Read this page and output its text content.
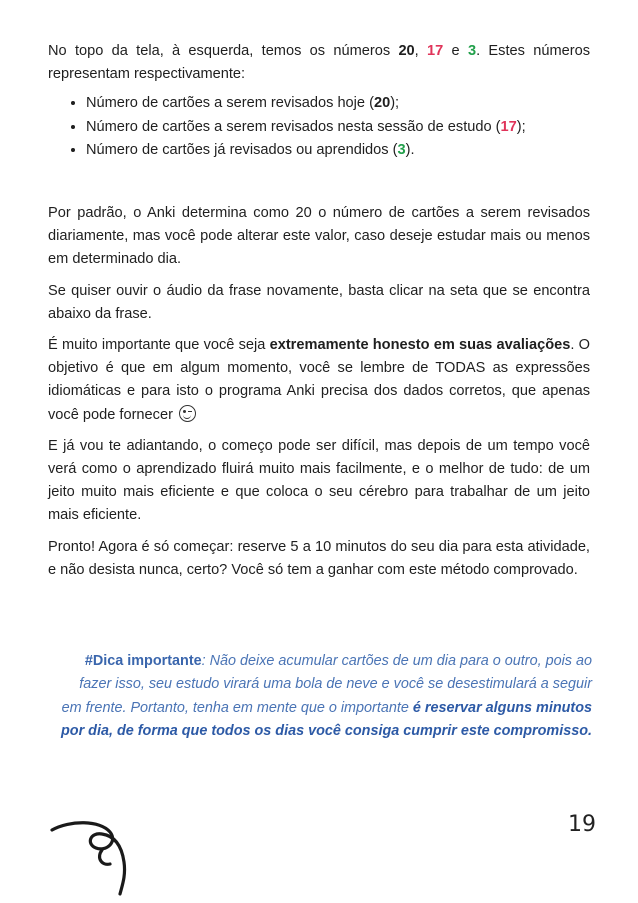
No topo da tela, à esquerda, temos os números 20, 17 e 3. Estes números representam respectivamente:

• Número de cartões a serem revisados hoje (20);
• Número de cartões a serem revisados nesta sessão de estudo (17);
• Número de cartões já revisados ou aprendidos (3).

Por padrão, o Anki determina como 20 o número de cartões a serem revisados diariamente, mas você pode alterar este valor, caso deseje estudar mais ou menos em determinado dia.

Se quiser ouvir o áudio da frase novamente, basta clicar na seta que se encontra abaixo da frase.

É muito importante que você seja extremamente honesto em suas avaliações. O objetivo é que em algum momento, você se lembre de TODAS as expressões idiomáticas e para isto o programa Anki precisa dos dados corretos, que apenas você pode fornecer

E já vou te adiantando, o começo pode ser difícil, mas depois de um tempo você verá como o aprendizado fluirá muito mais facilmente, e o melhor de tudo: de um jeito muito mais eficiente e que coloca o seu cérebro para trabalhar de um jeito mais eficiente.

Pronto! Agora é só começar: reserve 5 a 10 minutos do seu dia para esta atividade, e não desista nunca, certo? Você só tem a ganhar com este método comprovado.

#Dica importante: Não deixe acumular cartões de um dia para o outro, pois ao fazer isso, seu estudo virará uma bola de neve e você se desestimulará a seguir em frente. Portanto, tenha em mente que o importante é reservar alguns minutos por dia, de forma que todos os dias você consiga cumprir este compromisso.
19
